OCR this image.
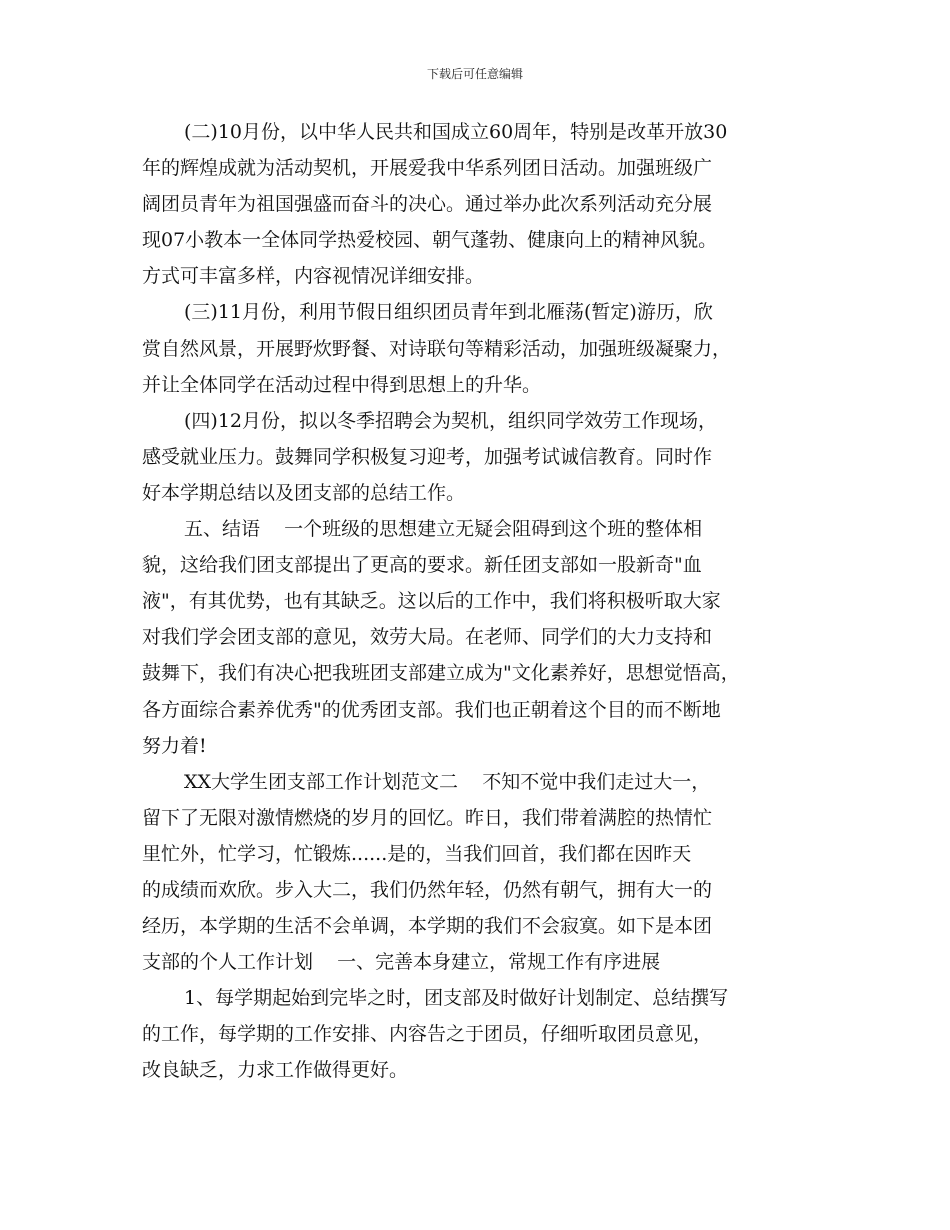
下载后可任意编辑
(二)10月份，以中华人民共和国成立60周年，特别是改革开放30
年的辉煌成就为活动契机，开展爱我中华系列团日活动。加强班级广
阔团员青年为祖国强盛而奋斗的决心。通过举办此次系列活动充分展
现07小教本一全体同学热爱校园、朝气蓬勃、健康向上的精神风貌。
方式可丰富多样，内容视情况详细安排。
(三)11月份，利用节假日组织团员青年到北雁荡(暂定)游历，欣
赏自然风景，开展野炊野餐、对诗联句等精彩活动，加强班级凝聚力，
并让全体同学在活动过程中得到思想上的升华。
(四)12月份，拟以冬季招聘会为契机，组织同学效劳工作现场，
感受就业压力。鼓舞同学积极复习迎考，加强考试诚信教育。同时作
好本学期总结以及团支部的总结工作。
五、结语    一个班级的思想建立无疑会阻碍到这个班的整体相
貌，这给我们团支部提出了更高的要求。新任团支部如一股新奇"血
液"，有其优势，也有其缺乏。这以后的工作中，我们将积极听取大家
对我们学会团支部的意见，效劳大局。在老师、同学们的大力支持和
鼓舞下，我们有决心把我班团支部建立成为"文化素养好，思想觉悟高，
各方面综合素养优秀"的优秀团支部。我们也正朝着这个目的而不断地
努力着!
XX大学生团支部工作计划范文二    不知不觉中我们走过大一，
留下了无限对激情燃烧的岁月的回忆。昨日，我们带着满腔的热情忙
里忙外，忙学习，忙锻炼......是的，当我们回首，我们都在因昨天
的成绩而欢欣。步入大二，我们仍然年轻，仍然有朝气，拥有大一的
经历，本学期的生活不会单调，本学期的我们不会寂寞。如下是本团
支部的个人工作计划    一、完善本身建立，常规工作有序进展
1、每学期起始到完毕之时，团支部及时做好计划制定、总结撰写
的工作，每学期的工作安排、内容告之于团员，仔细听取团员意见，
改良缺乏，力求工作做得更好。
